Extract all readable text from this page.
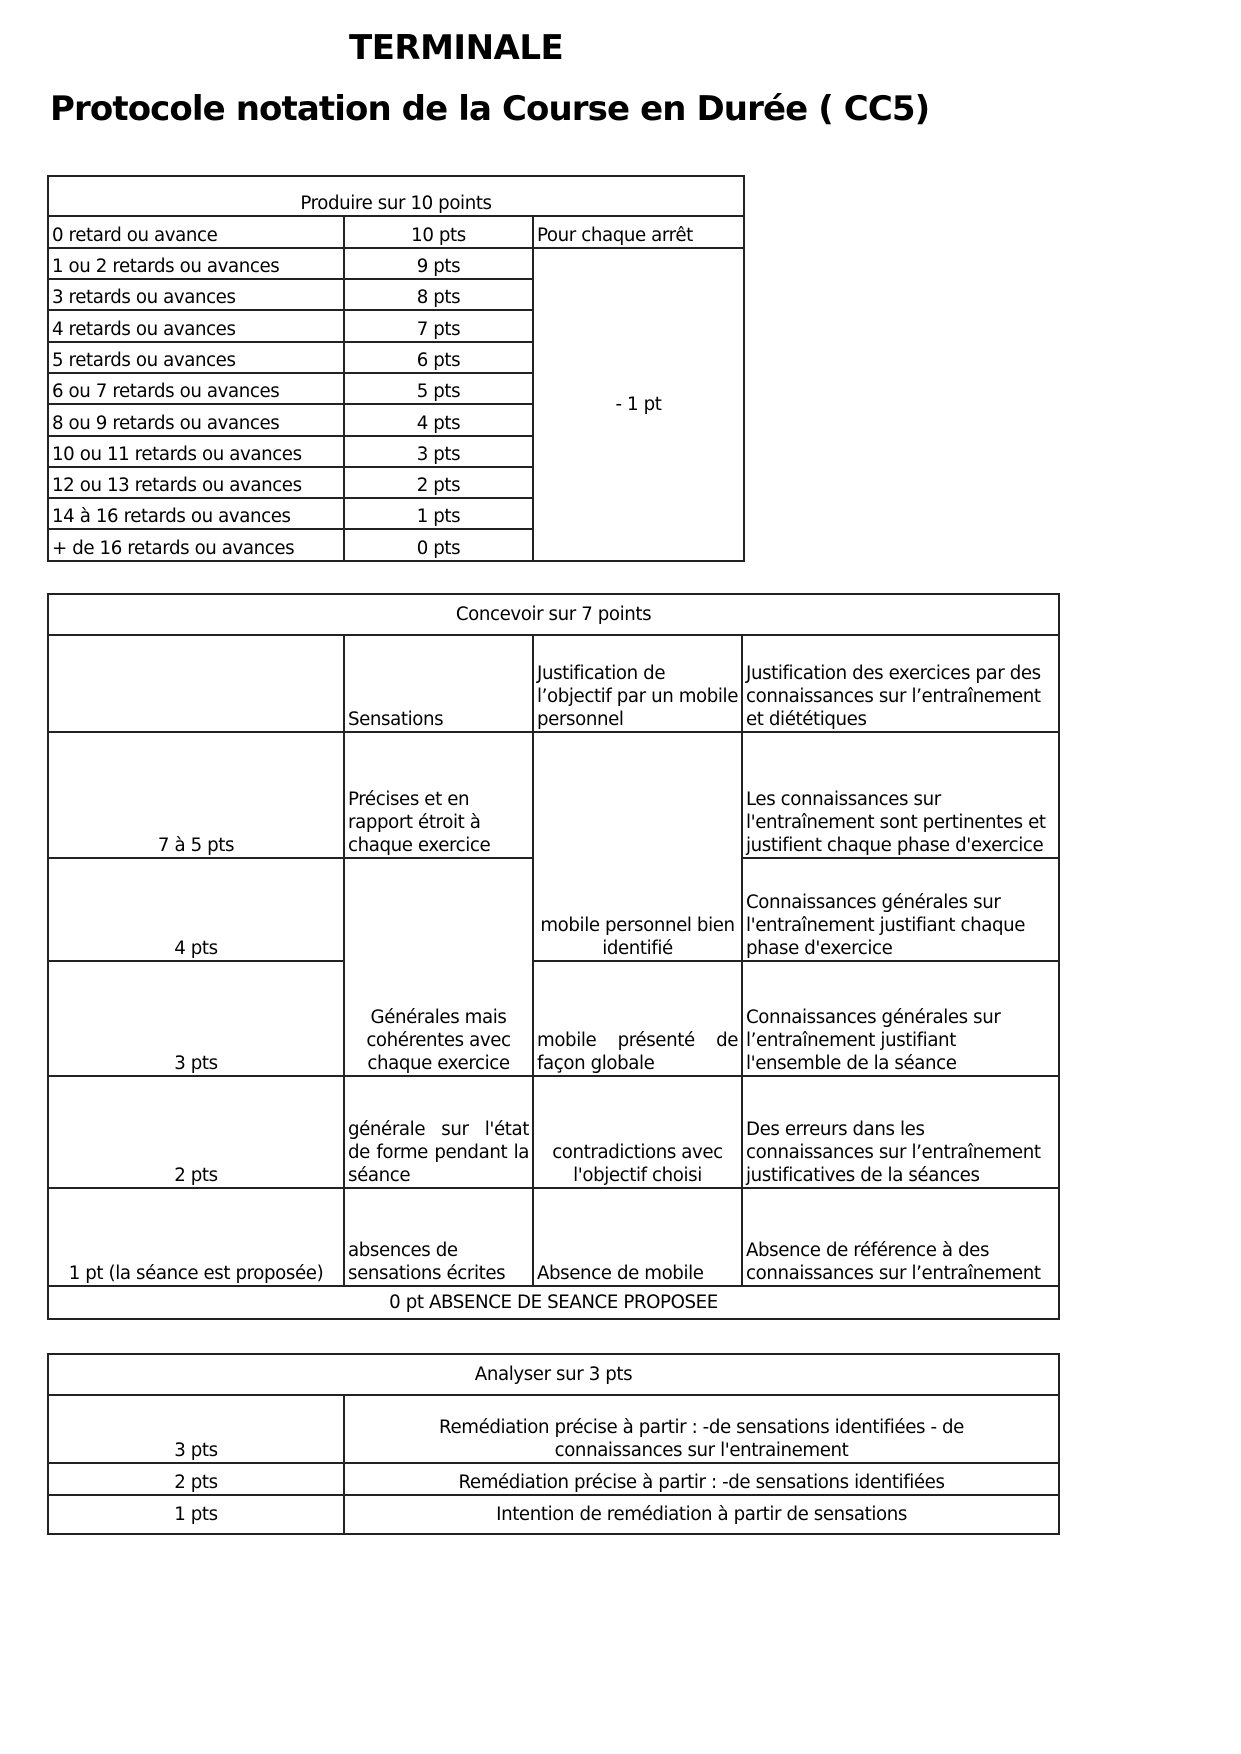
TERMINALE
Protocole notation de la Course en Durée ( CC5)
Produire sur 10 points		
0 retard ou avance	10 pts	Pour chaque arrêt
1 ou 2 retards ou avances	9 pts	- 1 pt
3 retards ou avances	8 pts	
4 retards ou avances	7 pts	
5 retards ou avances	6 pts	
6 ou 7 retards ou avances	5 pts	
8 ou 9 retards ou avances	4 pts	
10 ou 11 retards ou avances	3 pts	
12 ou 13 retards ou avances	2 pts	
14 à 16 retards ou avances	1 pts	
+ de 16 retards ou avances	0 pts	
Concevoir sur 7 points			
	Sensations	Justification de l’objectif par un mobile personnel	Justification des exercices par des connaissances sur l’entraînement et diététiques
7 à 5 pts	Précises et en rapport étroit à chaque exercice	mobile personnel bien identifié	Les connaissances sur l'entraînement sont pertinentes et justifient chaque phase d'exercice
4 pts	Générales mais cohérentes avec chaque exercice		Connaissances générales sur l'entraînement justifiant chaque phase d'exercice
3 pts		mobile présenté de façon globale	Connaissances générales sur l’entraînement justifiant l'ensemble de la séance
2 pts	générale sur l'état de forme pendant la séance	contradictions avec l'objectif choisi	Des erreurs dans les connaissances sur l’entraînement justificatives de la séances
1 pt (la séance est proposée)	absences de sensations écrites	Absence de mobile	Absence de référence à des connaissances sur l’entraînement
0 pt ABSENCE DE SEANCE PROPOSEE			
Analyser sur 3 pts	
3 pts	Remédiation précise à partir : -de sensations identifiées - de connaissances sur l'entrainement
2 pts	Remédiation précise à partir : -de sensations identifiées
1 pts	Intention de remédiation à partir de sensations
